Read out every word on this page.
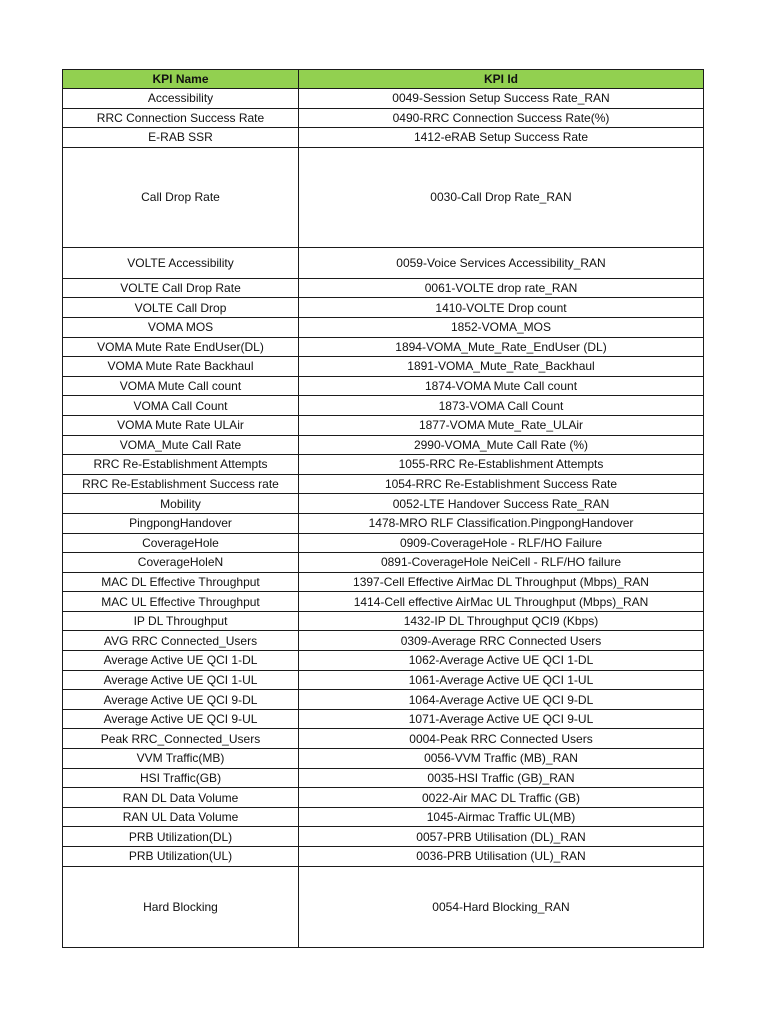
KPI Name	KPI Id
Accessibility	0049-Session Setup Success Rate_RAN
RRC Connection Success Rate	0490-RRC Connection Success Rate(%)
E-RAB SSR	1412-eRAB Setup Success Rate
Call Drop Rate	0030-Call Drop Rate_RAN
VOLTE Accessibility	0059-Voice Services Accessibility_RAN
VOLTE Call Drop Rate	0061-VOLTE drop rate_RAN
VOLTE Call Drop	1410-VOLTE Drop count
VOMA MOS	1852-VOMA_MOS
VOMA Mute Rate EndUser(DL)	1894-VOMA_Mute_Rate_EndUser (DL)
VOMA Mute Rate Backhaul	1891-VOMA_Mute_Rate_Backhaul
VOMA Mute Call count	1874-VOMA Mute Call count
VOMA Call Count	1873-VOMA Call Count
VOMA Mute Rate ULAir	1877-VOMA Mute_Rate_ULAir
VOMA_Mute Call Rate	2990-VOMA_Mute Call Rate (%)
RRC Re-Establishment Attempts	1055-RRC Re-Establishment Attempts
RRC Re-Establishment Success rate	1054-RRC Re-Establishment Success Rate
Mobility	0052-LTE Handover Success Rate_RAN
PingpongHandover	1478-MRO RLF Classification.PingpongHandover
CoverageHole	0909-CoverageHole - RLF/HO Failure
CoverageHoleN	0891-CoverageHole NeiCell - RLF/HO failure
MAC DL Effective Throughput	1397-Cell Effective AirMac DL Throughput (Mbps)_RAN
MAC UL Effective Throughput	1414-Cell effective AirMac UL Throughput (Mbps)_RAN
IP DL Throughput	1432-IP DL Throughput QCI9 (Kbps)
AVG RRC Connected_Users	0309-Average RRC Connected Users
Average Active UE QCI 1-DL	1062-Average Active UE QCI 1-DL
Average Active UE QCI 1-UL	1061-Average Active UE QCI 1-UL
Average Active UE QCI 9-DL	1064-Average Active UE QCI 9-DL
Average Active UE QCI 9-UL	1071-Average Active UE QCI 9-UL
Peak RRC_Connected_Users	0004-Peak RRC Connected Users
VVM Traffic(MB)	0056-VVM Traffic (MB)_RAN
HSI Traffic(GB)	0035-HSI Traffic (GB)_RAN
RAN DL Data Volume	0022-Air MAC DL Traffic (GB)
RAN UL Data Volume	1045-Airmac Traffic UL(MB)
PRB Utilization(DL)	0057-PRB Utilisation (DL)_RAN
PRB Utilization(UL)	0036-PRB Utilisation (UL)_RAN
Hard Blocking	0054-Hard Blocking_RAN
